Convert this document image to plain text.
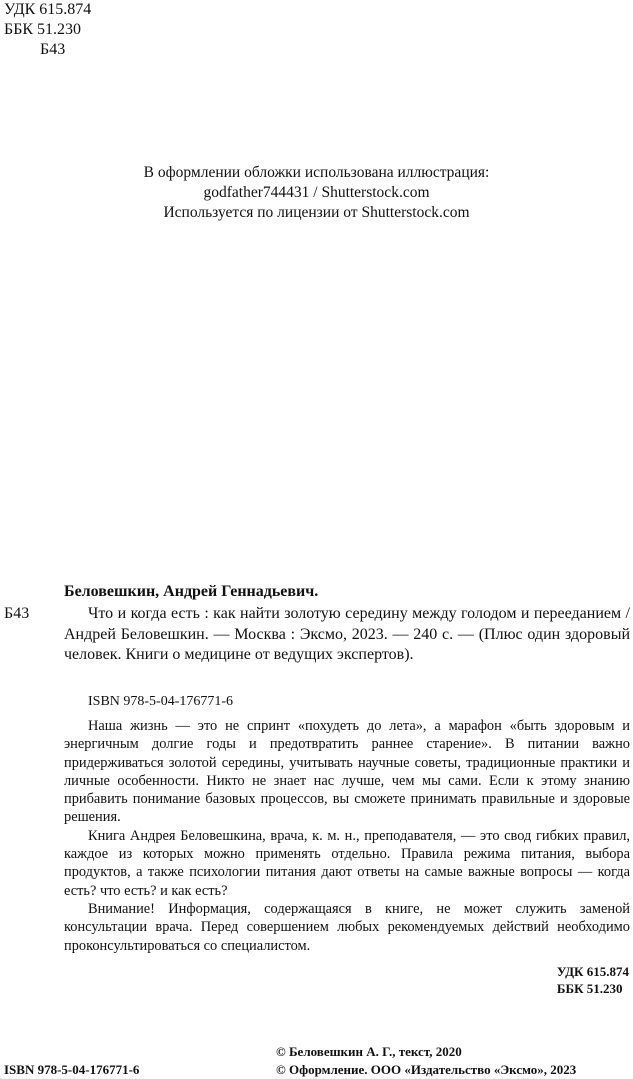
УДК 615.874
ББК 51.230
Б43
В оформлении обложки использована иллюстрация:
godfather744431 / Shutterstock.com
Используется по лицензии от Shutterstock.com
Беловешкин, Андрей Геннадьевич.
Б43	Что и когда есть : как найти золотую середину между голодом и перееданием / Андрей Беловешкин. — Москва : Эксмо, 2023. — 240 с. — (Плюс один здоровый человек. Книги о медицине от ведущих экспертов).
ISBN 978-5-04-176771-6

Наша жизнь — это не спринт «похудеть до лета», а марафон «быть здоровым и энергичным долгие годы и предотвратить раннее старение». В питании важно придерживаться золотой середины, учитывать научные советы, традиционные практики и личные особенности. Никто не знает нас лучше, чем мы сами. Если к этому знанию прибавить понимание базовых процессов, вы сможете принимать правильные и здоровые решения.

Книга Андрея Беловешкина, врача, к. м. н., преподавателя, — это свод гибких правил, каждое из которых можно применять отдельно. Правила режима питания, выбора продуктов, а также психологии питания дают ответы на самые важные вопросы — когда есть? что есть? и как есть?

Внимание! Информация, содержащаяся в книге, не может служить заменой консультации врача. Перед совершением любых рекомендуемых действий необходимо проконсультироваться со специалистом.

УДК 615.874
ББК 51.230
© Беловешкин А. Г., текст, 2020
© Оформление. ООО «Издательство «Эксмо», 2023
ISBN 978-5-04-176771-6
